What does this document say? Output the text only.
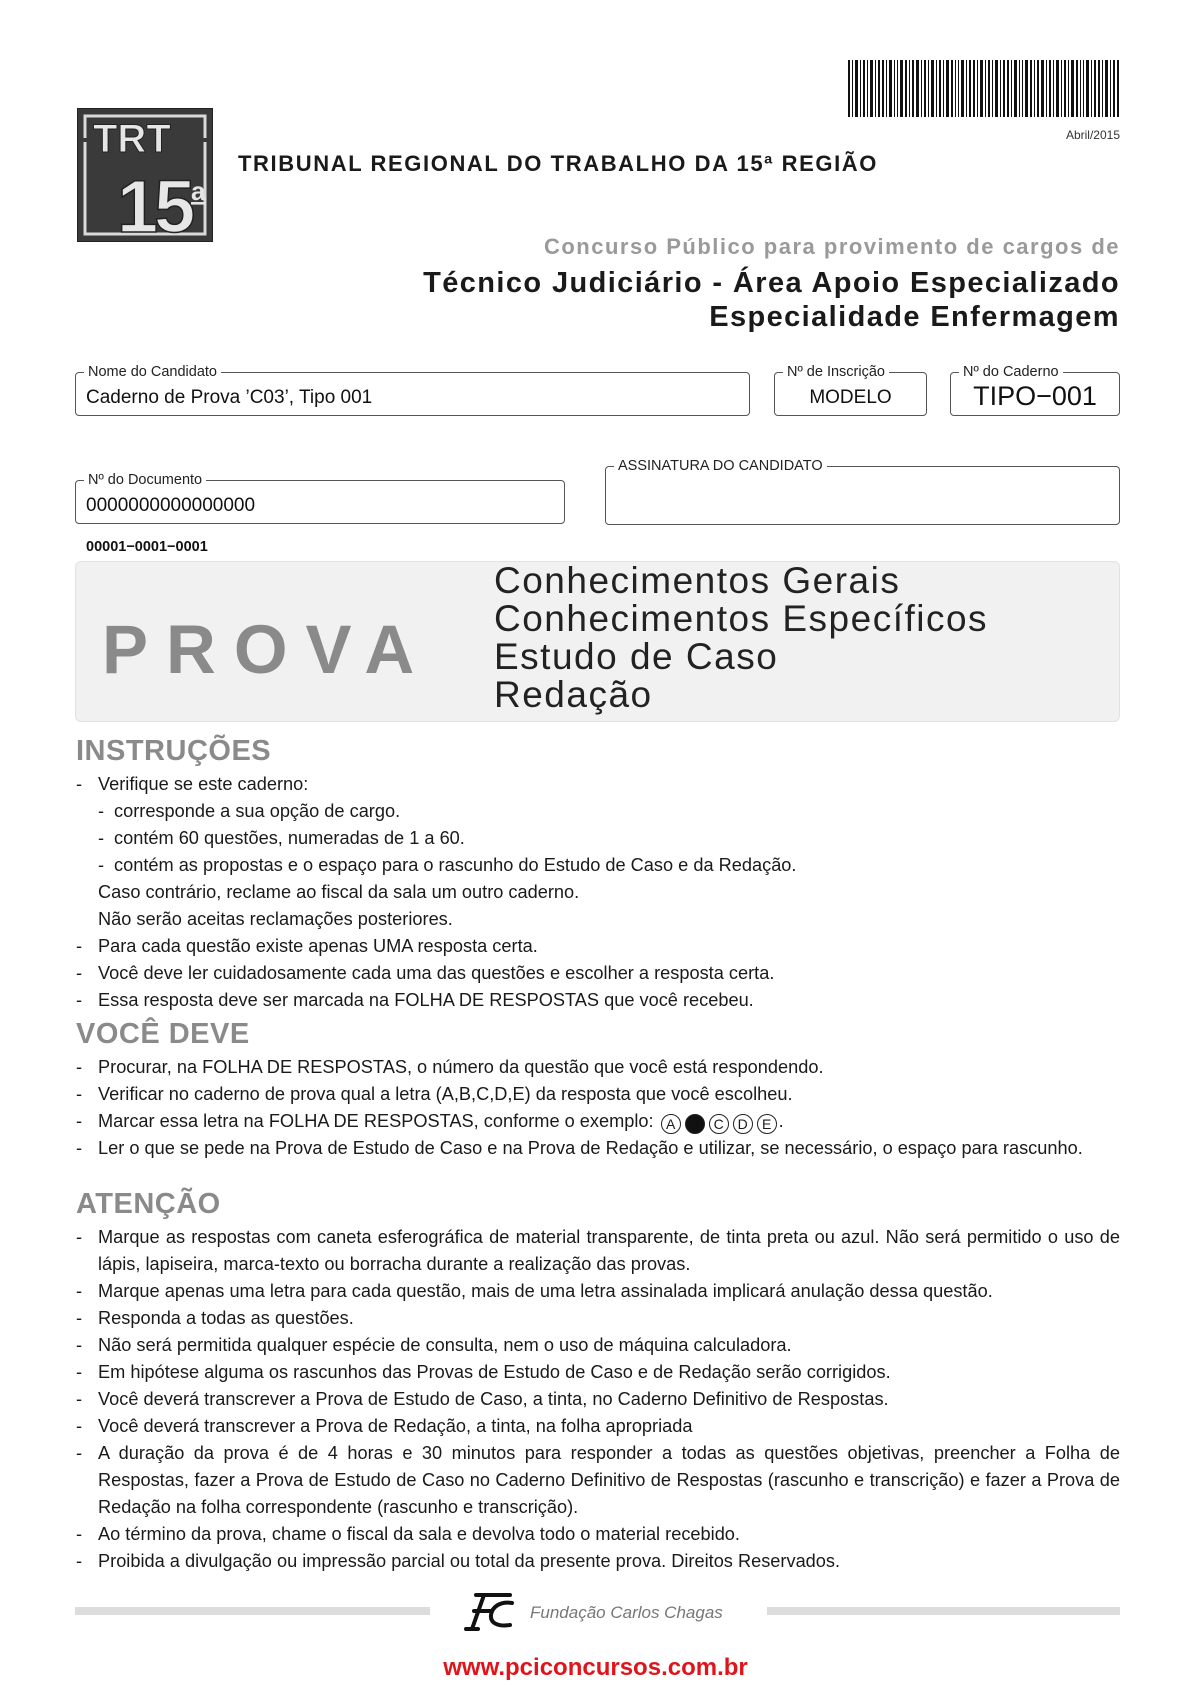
Abril/2015
TRT
15 a
TRIBUNAL REGIONAL DO TRABALHO DA 15ª REGIÃO
Concurso Público para provimento de cargos de
Técnico Judiciário - Área Apoio Especializado
Especialidade Enfermagem
Nome do Candidato
Caderno de Prova ’C03’, Tipo 001
Nº de Inscrição
MODELO
Nº do Caderno
TIPO−001
Nº do Documento
0000000000000000
ASSINATURA DO CANDIDATO
00001−0001−0001
PROVA
Conhecimentos Gerais
Conhecimentos Específicos
Estudo de Caso
Redação
INSTRUÇÕES
- Verifique se este caderno:
- corresponde a sua opção de cargo.
- contém 60 questões, numeradas de 1 a 60.
- contém as propostas e o espaço para o rascunho do Estudo de Caso e da Redação.
Caso contrário, reclame ao fiscal da sala um outro caderno.
Não serão aceitas reclamações posteriores.
- Para cada questão existe apenas UMA resposta certa.
- Você deve ler cuidadosamente cada uma das questões e escolher a resposta certa.
- Essa resposta deve ser marcada na FOLHA DE RESPOSTAS que você recebeu.
VOCÊ DEVE
- Procurar, na FOLHA DE RESPOSTAS, o número da questão que você está respondendo.
- Verificar no caderno de prova qual a letra (A,B,C,D,E) da resposta que você escolheu.
- Marcar essa letra na FOLHA DE RESPOSTAS, conforme o exemplo: A B C D E .
- Ler o que se pede na Prova de Estudo de Caso e na Prova de Redação e utilizar, se necessário, o espaço para rascunho.
ATENÇÃO
- Marque as respostas com caneta esferográfica de material transparente, de tinta preta ou azul. Não será permitido o uso de lápis, lapiseira, marca-texto ou borracha durante a realização das provas.
- Marque apenas uma letra para cada questão, mais de uma letra assinalada implicará anulação dessa questão.
- Responda a todas as questões.
- Não será permitida qualquer espécie de consulta, nem o uso de máquina calculadora.
- Em hipótese alguma os rascunhos das Provas de Estudo de Caso e de Redação serão corrigidos.
- Você deverá transcrever a Prova de Estudo de Caso, a tinta, no Caderno Definitivo de Respostas.
- Você deverá transcrever a Prova de Redação, a tinta, na folha apropriada
- A duração da prova é de 4 horas e 30 minutos para responder a todas as questões objetivas, preencher a Folha de Respostas, fazer a Prova de Estudo de Caso no Caderno Definitivo de Respostas (rascunho e transcrição) e fazer a Prova de Redação na folha correspondente (rascunho e transcrição).
- Ao término da prova, chame o fiscal da sala e devolva todo o material recebido.
- Proibida a divulgação ou impressão parcial ou total da presente prova. Direitos Reservados.
Fundação Carlos Chagas
www.pciconcursos.com.br
